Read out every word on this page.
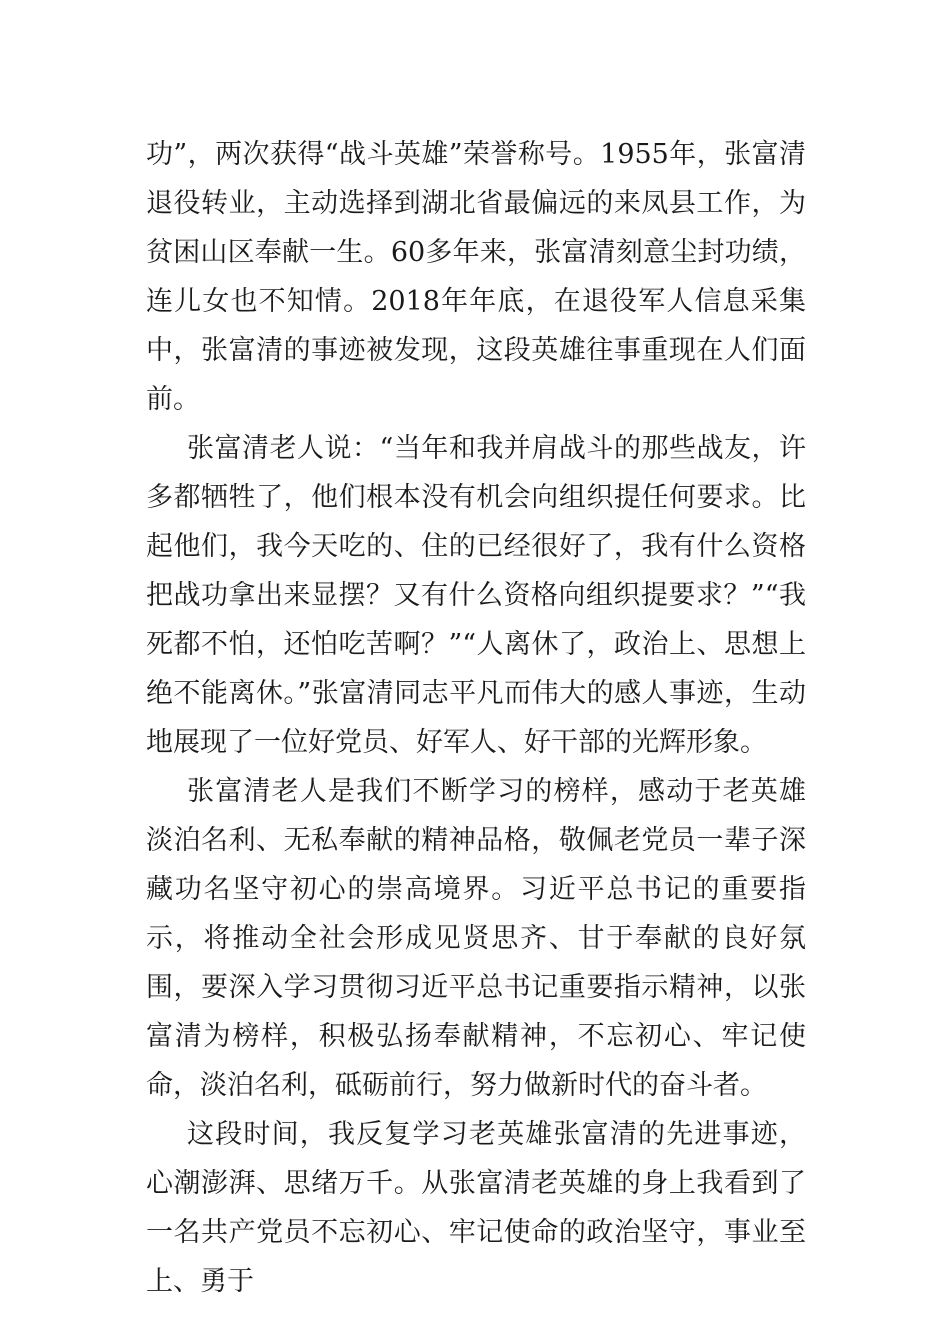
功”，两次获得“战斗英雄”荣誉称号。1955年，张富清退役转业，主动选择到湖北省最偏远的来凤县工作，为贫困山区奉献一生。60多年来，张富清刻意尘封功绩，连儿女也不知情。2018年年底，在退役军人信息采集中，张富清的事迹被发现，这段英雄往事重现在人们面前。

张富清老人说：“当年和我并肩战斗的那些战友，许多都牺牲了，他们根本没有机会向组织提任何要求。比起他们，我今天吃的、住的已经很好了，我有什么资格把战功拿出来显摆？又有什么资格向组织提要求？”“我死都不怕，还怕吃苦啊？”“人离休了，政治上、思想上绝不能离休。”张富清同志平凡而伟大的感人事迹，生动地展现了一位好党员、好军人、好干部的光辉形象。

张富清老人是我们不断学习的榜样，感动于老英雄淡泊名利、无私奉献的精神品格，敬佩老党员一辈子深藏功名坚守初心的崇高境界。习近平总书记的重要指示，将推动全社会形成见贤思齐、甘于奉献的良好氛围，要深入学习贯彻习近平总书记重要指示精神，以张富清为榜样，积极弘扬奉献精神，不忘初心、牢记使命，淡泊名利，砥砺前行，努力做新时代的奋斗者。

这段时间，我反复学习老英雄张富清的先进事迹，心潮澎湃、思绪万千。从张富清老英雄的身上我看到了一名共产党员不忘初心、牢记使命的政治坚守，事业至上、勇于
